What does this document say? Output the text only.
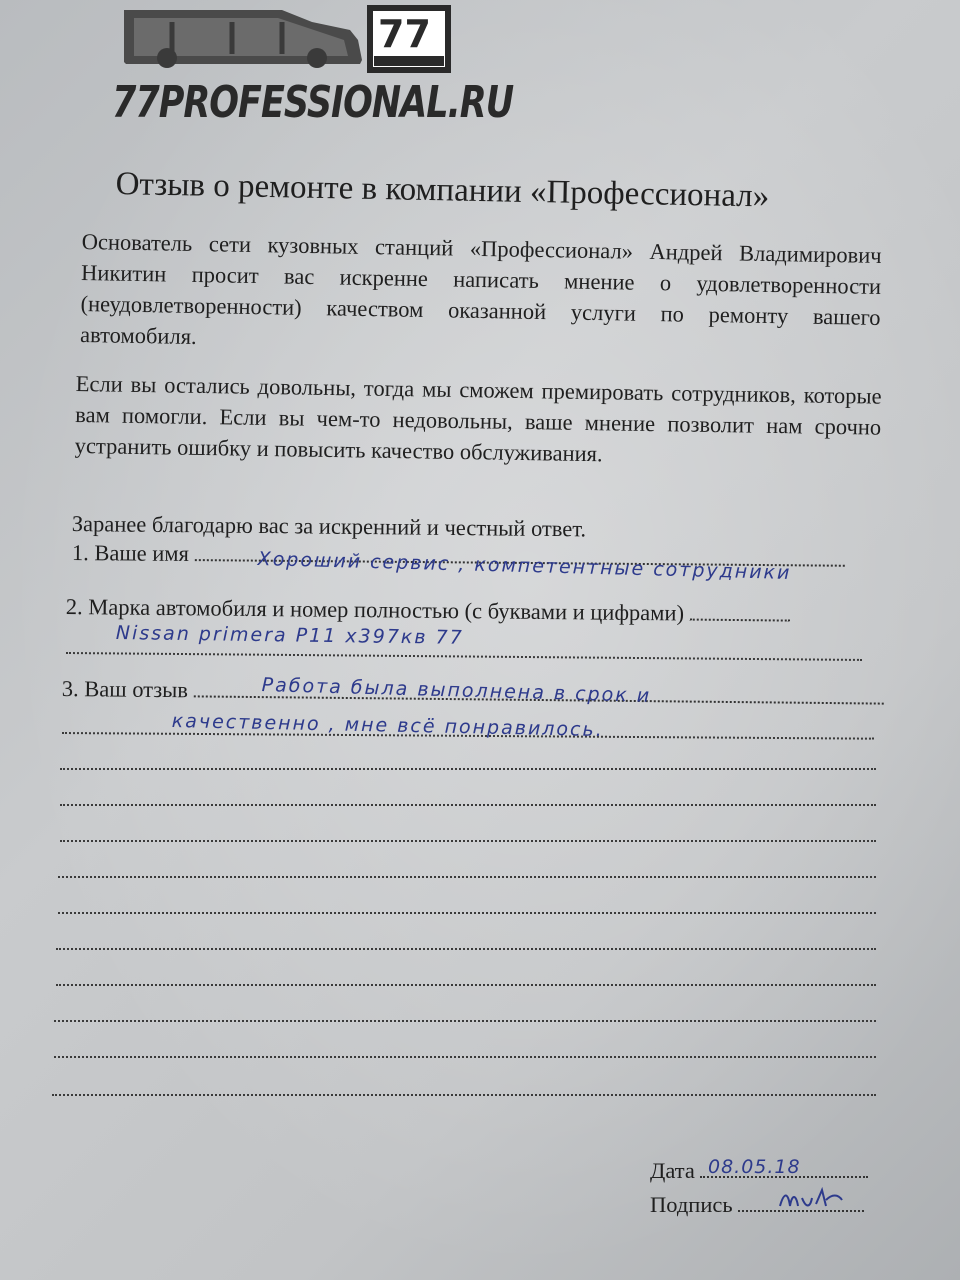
77
77PROFESSIONAL.RU
Отзыв о ремонте в компании «Профессионал»
Основатель сети кузовных станций «Профессионал» Андрей Владимирович Никитин просит вас искренне написать мнение о удовлетворенности (неудовлетворенности) качеством оказанной услуги по ремонту вашего автомобиля.
Если вы остались довольны, тогда мы сможем премировать сотрудников, которые вам помогли. Если вы чем-то недовольны, ваше мнение позволит нам срочно устранить ошибку и повысить качество обслуживания.
Заранее благодарю вас за искренний и честный ответ.
1. Ваше имя	Хороший сервис , компетентные сотрудники
2. Марка автомобиля и номер полностью (с буквами и цифрами)
Nissan primera P11 х397кв 77
3. Ваш отзыв	Работа была выполнена в срок и
качественно , мне всё понравилось.
Дата 08.05.18
Подпись
